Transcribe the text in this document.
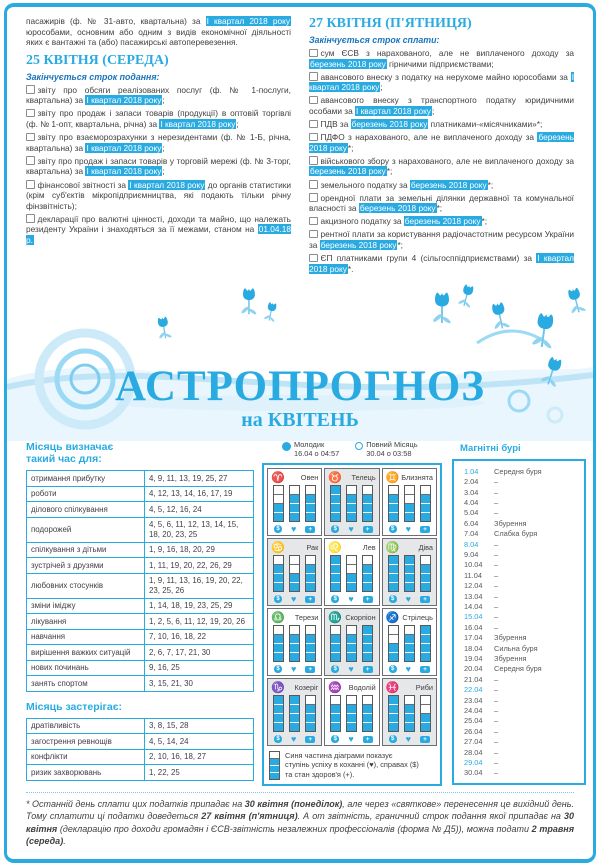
пасажирів (ф. № 31-авто, квартальна) за І квартал 2018 року юрособами, основним або одним з видів економічної діяльності яких є вантажні та (або) пасажирські автоперевезення.

25 КВІТНЯ (СЕРЕДА)

Закінчується строк подання:

звіту про обсяги реалізованих послуг (ф. № 1-послуги, квартальна) за І квартал 2018 року;
звіту про продаж і запаси товарів (продукції) в оптовій торгівлі (ф. № 1-опт, квартальна, річна) за І квартал 2018 року;
звіту про взаєморозрахунки з нерезидентами (ф. № 1-Б, річна, квартальна) за І квартал 2018 року;
звіту про продаж і запаси товарів у торговій мережі (ф. № 3-торг, квартальна) за І квартал 2018 року;
фінансової звітності за І квартал 2018 року до органів статистики (крім суб'єктів мікропідприємництва, які подають тільки річну фінзвітність);
декларації про валютні цінності, доходи та майно, що належать резиденту України і знаходяться за її межами, станом на 01.04.18 р.
27 КВІТНЯ (П'ЯТНИЦЯ)

Закінчується строк сплати:

сум ЄСВ з нарахованого, але не виплаченого доходу за березень 2018 року гірничими підприємствами;
авансового внеску з податку на нерухоме майно юрособами за І квартал 2018 року;
авансового внеску з транспортного податку юридичними особами за І квартал 2018 року;
ПДВ за березень 2018 року платниками-«місячниками»*;
ПДФО з нарахованого, але не виплаченого доходу за березень 2018 року*;
військового збору з нарахованого, але не виплаченого доходу за березень 2018 року*;
земельного податку за березень 2018 року*;
орендної плати за земельні ділянки державної та комунальної власності за березень 2018 року*;
акцизного податку за березень 2018 року*;
рентної плати за користування радіочастотним ресурсом України за березень 2018 року*;
ЄП платниками групи 4 (сільгосппідприємствами) за І квартал 2018 року*.
АСТРОПРОГНОЗ
на КВІТЕНЬ
Місяць визначає
такий час для:
отримання прибутку	4, 9, 11, 13, 19, 25, 27
роботи	4, 12, 13, 14, 16, 17, 19
ділового спілкування	4, 5, 12, 16, 24
подорожей	4, 5, 6, 11, 12, 13, 14, 15, 18, 20, 23, 25
спілкування з дітьми	1, 9, 16, 18, 20, 29
зустрічей з друзями	1, 11, 19, 20, 22, 26, 29
любовних стосунків	1, 9, 11, 13, 16, 19, 20, 22, 23, 25, 26
зміни іміджу	1, 14, 18, 19, 23, 25, 29
лікування	1, 2, 5, 6, 11, 12, 19, 20, 26
навчання	7, 10, 16, 18, 22
вирішення важких ситуацій	2, 6, 7, 17, 21, 30
нових починань	9, 16, 25
занять спортом	3, 15, 21, 30
Місяць застерігає:
дратівливість	3, 8, 15, 28
загострення ревнощів	4, 5, 14, 24
конфлікти	2, 10, 16, 18, 27
ризик захворювань	1, 22, 25
Молодик
16.04 о 04:57
Повний Місяць
30.04 о 03:58
♈ Овен
$ ♥	+
♉ Телець
$ ♥	+
♊ Близнята
$ ♥	+
♋	Рак
$ ♥	+
♌	Лев
$ ♥	+
♍	Діва
$ ♥	+
♎ Терези
$ ♥	+
♏ Скорпіон
$ ♥	+
♐ Стрілець
$ ♥	+
♑ Козеріг
$ ♥	+
♒ Водолій
$ ♥	+
♓ Риби
$ ♥	+
Синя частина діаграми показує
ступінь успіху в коханні (♥), справах ($)
та стан здоров'я (+).
Магнітні бурі
1.04	Середня буря
2.04	–
3.04	–
4.04	–
5.04	–
6.04	Збурення
7.04	Слабка буря
8.04	–
9.04	–
10.04	–
11.04	–
12.04	–
13.04	–
14.04	–
15.04	–
16.04	–
17.04	Збурення
18.04	Сильна буря
19.04	Збурення
20.04	Середня буря
21.04	–
22.04	–
23.04	–
24.04	–
25.04	–
26.04	–
27.04	–
28.04	–
29.04	–
30.04	–
* Останній день сплати цих податків припадає на 30 квітня (понеділок), але через «святкове» перенесення це вихідний день. Тому сплатити ці податки доведеться 27 квітня (п'ятниця). А от звітність, граничний строк подання якої припадає на 30 квітня (декларацію про доходи громадян і ЄСВ-звітність незалежних профессіоналів (форма № Д5)), можна подати 2 травня (середа).
